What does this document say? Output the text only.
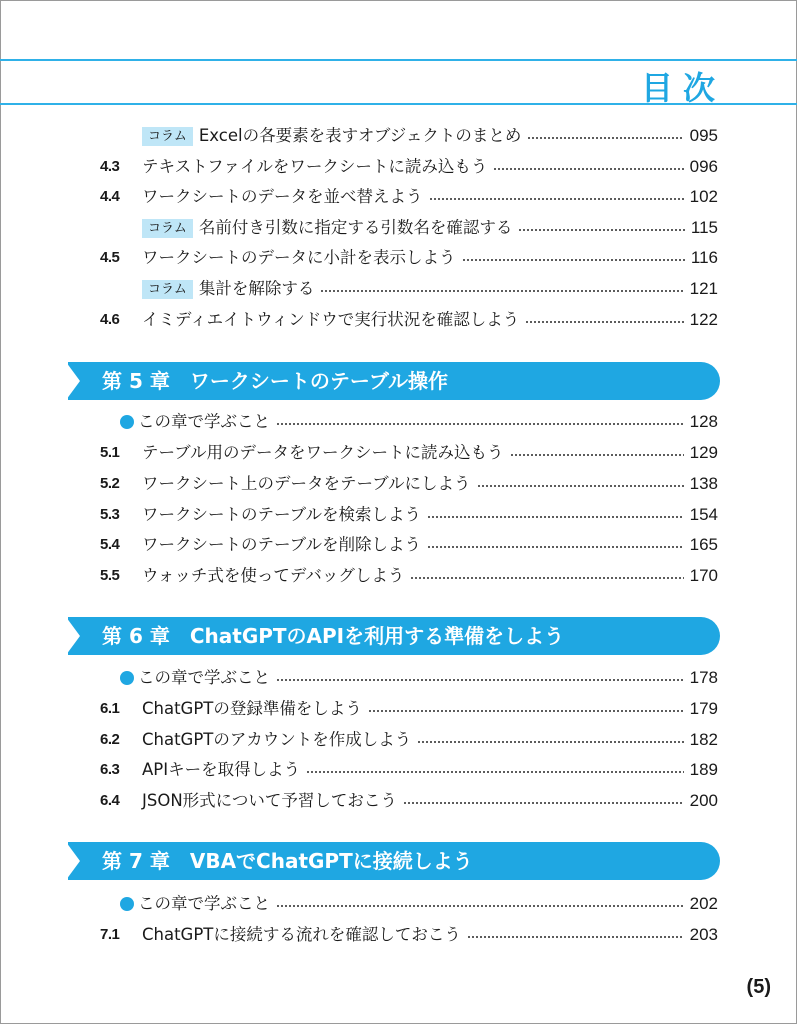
目次
コラム Excelの各要素を表すオブジェクトのまとめ	095
4.3	テキストファイルをワークシートに読み込もう	096
4.4	ワークシートのデータを並べ替えよう	102
コラム 名前付き引数に指定する引数名を確認する	115
4.5	ワークシートのデータに小計を表示しよう	116
コラム 集計を解除する	121
4.6	イミディエイトウィンドウで実行状況を確認しよう	122
第 5 章　ワークシートのテーブル操作
この章で学ぶこと	128
5.1	テーブル用のデータをワークシートに読み込もう	129
5.2	ワークシート上のデータをテーブルにしよう	138
5.3	ワークシートのテーブルを検索しよう	154
5.4	ワークシートのテーブルを削除しよう	165
5.5	ウォッチ式を使ってデバッグしよう	170
第 6 章　ChatGPTのAPIを利用する準備をしよう
この章で学ぶこと	178
6.1	ChatGPTの登録準備をしよう	179
6.2	ChatGPTのアカウントを作成しよう	182
6.3	APIキーを取得しよう	189
6.4	JSON形式について予習しておこう	200
第 7 章　VBAでChatGPTに接続しよう
この章で学ぶこと	202
7.1	ChatGPTに接続する流れを確認しておこう	203
(5)
